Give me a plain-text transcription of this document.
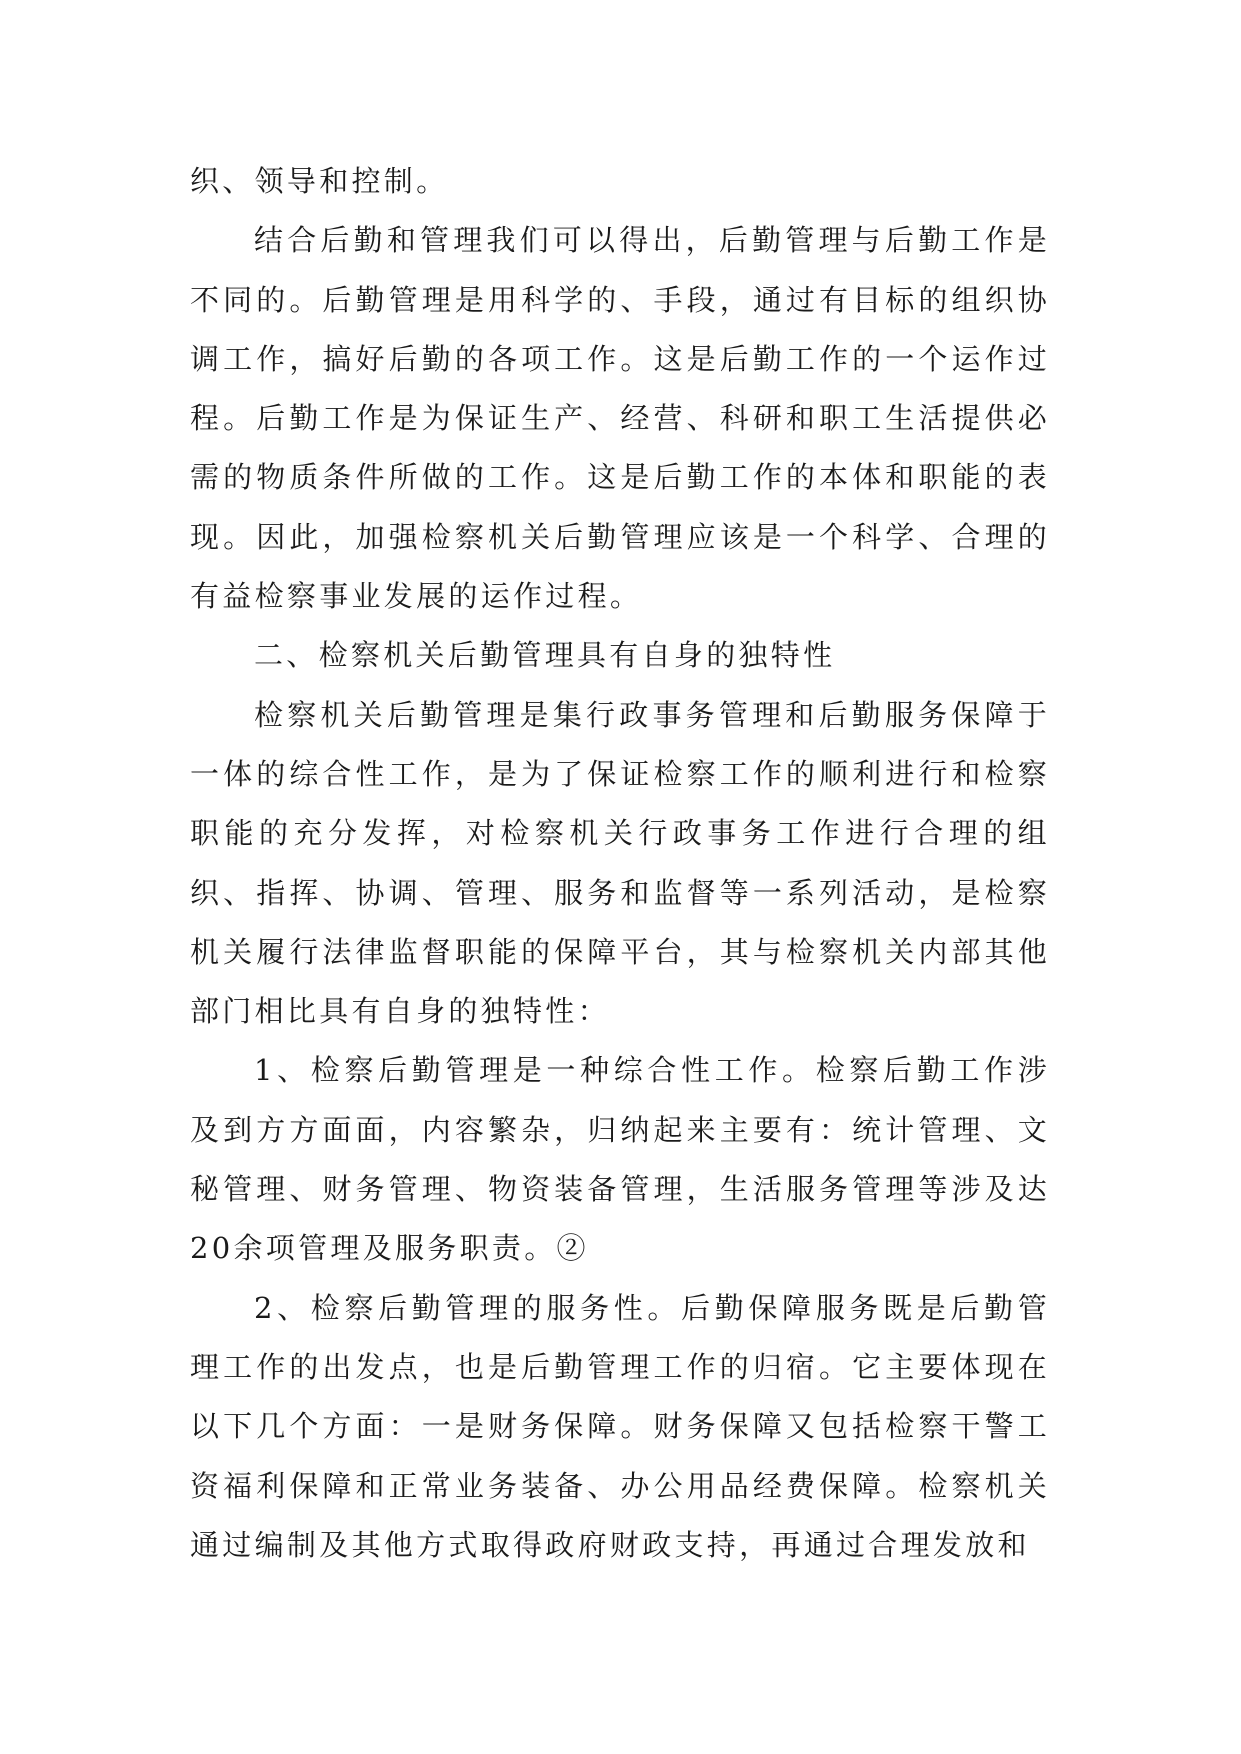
织、领导和控制。

结合后勤和管理我们可以得出，后勤管理与后勤工作是不同的。后勤管理是用科学的、手段，通过有目标的组织协调工作，搞好后勤的各项工作。这是后勤工作的一个运作过程。后勤工作是为保证生产、经营、科研和职工生活提供必需的物质条件所做的工作。这是后勤工作的本体和职能的表现。因此，加强检察机关后勤管理应该是一个科学、合理的有益检察事业发展的运作过程。

二、检察机关后勤管理具有自身的独特性

检察机关后勤管理是集行政事务管理和后勤服务保障于一体的综合性工作，是为了保证检察工作的顺利进行和检察职能的充分发挥，对检察机关行政事务工作进行合理的组织、指挥、协调、管理、服务和监督等一系列活动，是检察机关履行法律监督职能的保障平台，其与检察机关内部其他部门相比具有自身的独特性：

1、检察后勤管理是一种综合性工作。检察后勤工作涉及到方方面面，内容繁杂，归纳起来主要有：统计管理、文秘管理、财务管理、物资装备管理，生活服务管理等涉及达20余项管理及服务职责。②

2、检察后勤管理的服务性。后勤保障服务既是后勤管理工作的出发点，也是后勤管理工作的归宿。它主要体现在以下几个方面：一是财务保障。财务保障又包括检察干警工资福利保障和正常业务装备、办公用品经费保障。检察机关通过编制及其他方式取得政府财政支持，再通过合理发放和
